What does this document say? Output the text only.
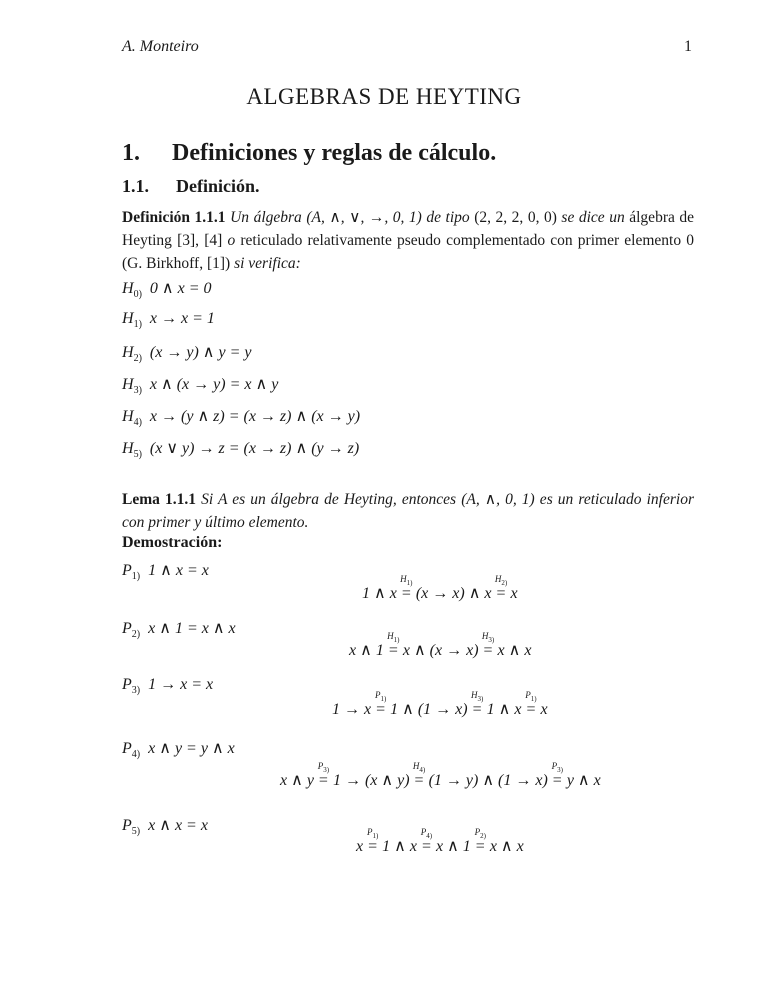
A. Monteiro	1
ALGEBRAS DE HEYTING
1. Definiciones y reglas de cálculo.
1.1. Definición.
Definición 1.1.1 Un álgebra (A, ∧, ∨, →, 0, 1) de tipo (2, 2, 2, 0, 0) se dice un álgebra de Heyting [3], [4] o reticulado relativamente pseudo complementado con primer elemento 0 (G. Birkhoff, [1]) si verifica:
$H_{0)}$  0 ∧ x = 0
$H_{1)}$  x → x = 1
$H_{2)}$  (x → y) ∧ y = y
$H_{3)}$  x ∧ (x → y) = x ∧ y
$H_{4)}$  x → (y ∧ z) = (x → z) ∧ (x → y)
$H_{5)}$  (x ∨ y) → z = (x → z) ∧ (y → z)
Lema 1.1.1 Si A es un álgebra de Heyting, entonces (A, ∧, 0, 1) es un reticulado inferior con primer y último elemento.
Demostración:
$P_{1)}$  1 ∧ x = x
1 ∧ x
$H_{1)}$
= (x → x) ∧ x
$H_{2)}$
= x
$P_{2)}$  x ∧ 1 = x ∧ x
x ∧ 1
$H_{1)}$
= x ∧ (x → x)
$H_{3)}$
= x ∧ x
$P_{3)}$  1 → x = x
1 → x
$P_{1)}$
= 1 ∧ (1 → x)
$H_{3)}$
= 1 ∧ x
$P_{1)}$
= x
$P_{4)}$  x ∧ y = y ∧ x
x ∧ y
$P_{3)}$
= 1 → (x ∧ y)
$H_{4)}$
= (1 → y) ∧ (1 → x)
$P_{3)}$
= y ∧ x
$P_{5)}$  x ∧ x = x
x
$P_{1)}$
= 1 ∧ x
$P_{4)}$
= x ∧ 1
$P_{2)}$
= x ∧ x
